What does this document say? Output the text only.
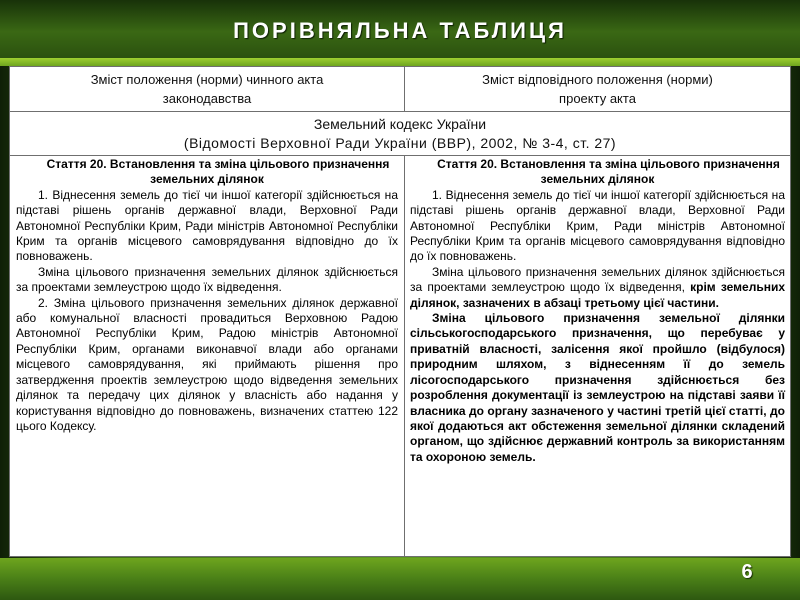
ПОРІВНЯЛЬНА ТАБЛИЦЯ
Зміст положення (норми) чинного акта
законодавства
Зміст відповідного положення (норми)
проекту акта
Земельний кодекс України
(Відомості Верховної Ради України (ВВР), 2002, № 3-4, ст. 27)

Стаття 20. Встановлення та зміна цільового призначення земельних ділянок

1. Віднесення земель до тієї чи іншої категорії здійснюється на підставі рішень органів державної влади, Верховної Ради Автономної Республіки Крим, Ради міністрів Автономної Республіки Крим та органів місцевого самоврядування відповідно до їх повноважень.

Зміна цільового призначення земельних ділянок здійснюється за проектами землеустрою щодо їх відведення.

2. Зміна цільового призначення земельних ділянок державної або комунальної власності провадиться Верховною Радою Автономної Республіки Крим, Радою міністрів Автономної Республіки Крим, органами виконавчої влади або органами місцевого самоврядування, які приймають рішення про затвердження проектів землеустрою щодо відведення земельних ділянок та передачу цих ділянок у власність або надання у користування відповідно до повноважень, визначених статтею 122 цього Кодексу.

Стаття 20. Встановлення та зміна цільового призначення земельних ділянок

1. Віднесення земель до тієї чи іншої категорії здійснюється на підставі рішень органів державної влади, Верховної Ради Автономної Республіки Крим, Ради міністрів Автономної Республіки Крим та органів місцевого самоврядування відповідно до їх повноважень.

Зміна цільового призначення земельних ділянок здійснюється за проектами землеустрою щодо їх відведення, крім земельних ділянок, зазначених в абзаці третьому цієї частини.

Зміна цільового призначення земельної ділянки сільськогосподарського призначення, що перебуває у приватній власності, залісення якої пройшло (відбулося) природним шляхом, з віднесенням її до земель лісогосподарського призначення здійснюється без розроблення документації із землеустрою на підставі заяви її власника до органу зазначеного у частині третій цієї статті, до якої додаються акт обстеження земельної ділянки складений органом, що здійснює державний контроль за використанням та охороною земель.

6
